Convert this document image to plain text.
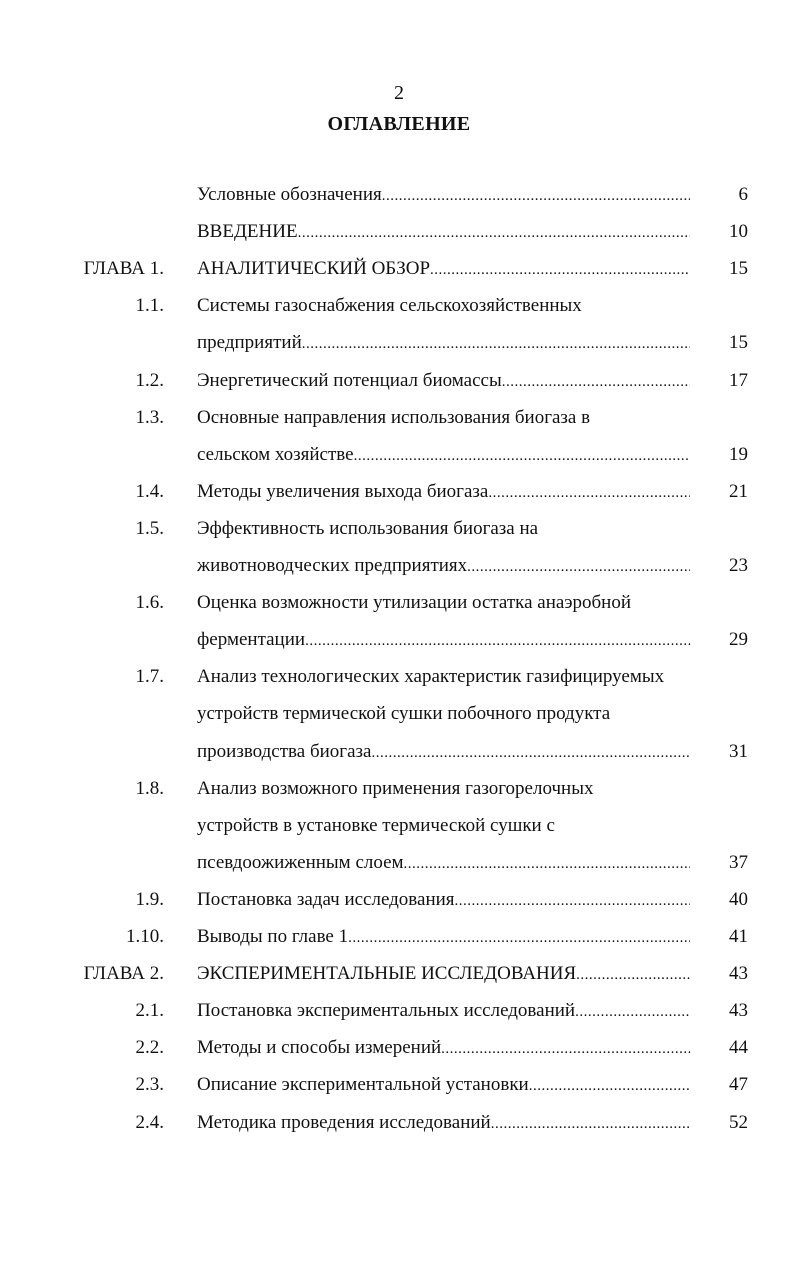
2
ОГЛАВЛЕНИЕ
Условные обозначения .....	6
ВВЕДЕНИЕ .....	10
ГЛАВА 1. АНАЛИТИЧЕСКИЙ ОБЗОР .....	15
1.1. Системы газоснабжения сельскохозяйственных
предприятий .....	15
1.2. Энергетический потенциал биомассы .....	17
1.3. Основные направления использования биогаза в
сельском хозяйстве .....	19
1.4. Методы увеличения выхода биогаза .....	21
1.5. Эффективность использования биогаза на
животноводческих предприятиях .....	23
1.6. Оценка возможности утилизации остатка анаэробной
ферментации .....	29
1.7. Анализ технологических характеристик газифицируемых
устройств термической сушки побочного продукта
производства биогаза .....	31
1.8. Анализ возможного применения газогорелочных
устройств в установке термической сушки с
псевдоожиженным слоем .....	37
1.9. Постановка задач исследования .....	40
1.10. Выводы по главе 1 .....	41
ГЛАВА 2. ЭКСПЕРИМЕНТАЛЬНЫЕ ИССЛЕДОВАНИЯ .....	43
2.1. Постановка экспериментальных исследований .....	43
2.2. Методы и способы измерений .....	44
2.3. Описание экспериментальной установки .....	47
2.4. Методика проведения исследований .....	52
